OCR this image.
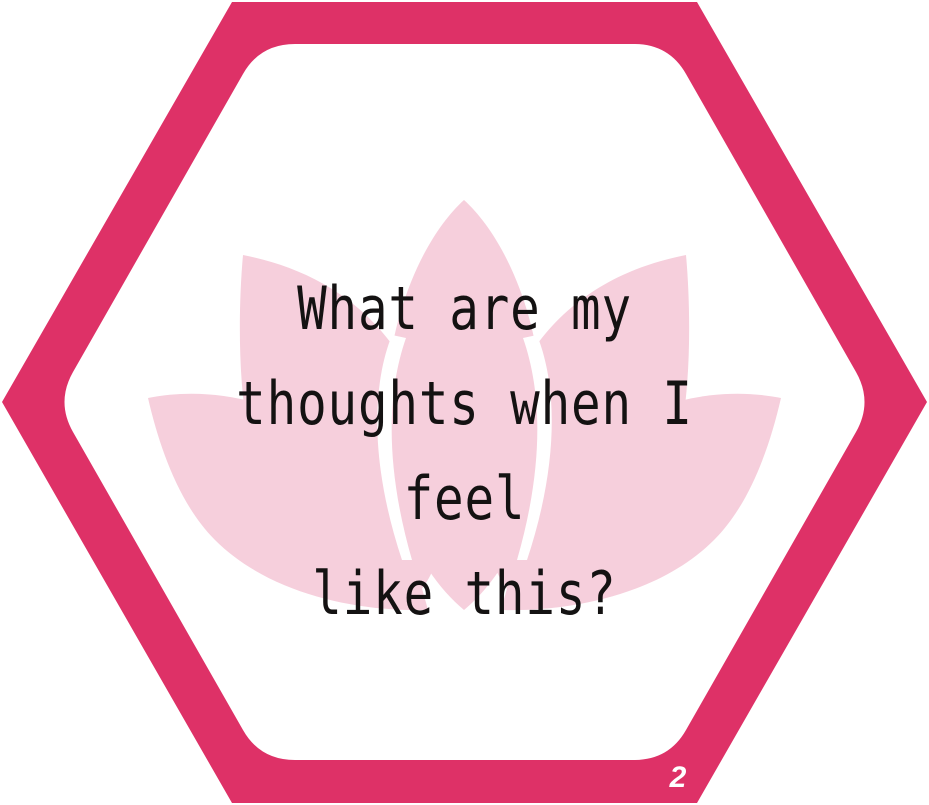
What are my
thoughts when I feel
like this?
2
